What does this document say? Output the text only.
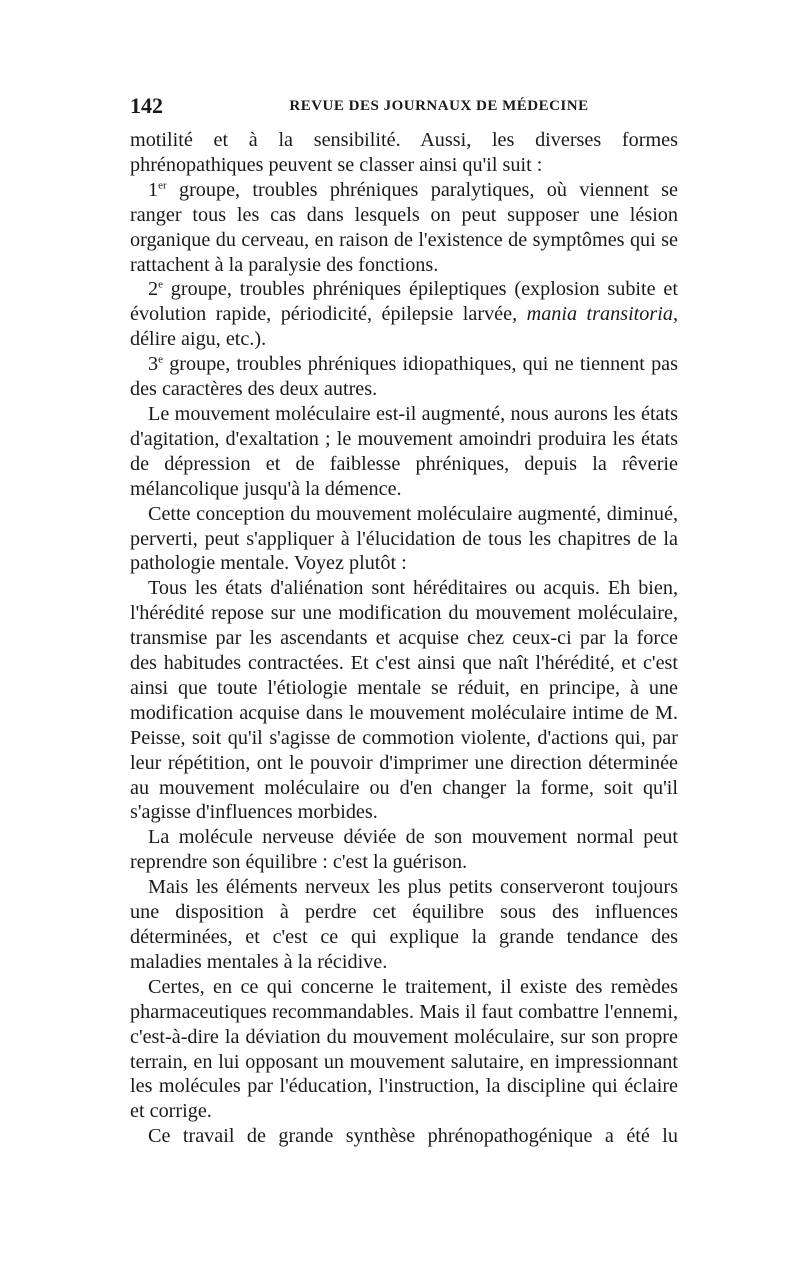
142	REVUE DES JOURNAUX DE MÉDECINE

motilité et à la sensibilité. Aussi, les diverses formes phrénopathiques peuvent se classer ainsi qu'il suit :

1er groupe, troubles phréniques paralytiques, où viennent se ranger tous les cas dans lesquels on peut supposer une lésion organique du cerveau, en raison de l'existence de symptômes qui se rattachent à la paralysie des fonctions.

2e groupe, troubles phréniques épileptiques (explosion subite et évolution rapide, périodicité, épilepsie larvée, mania transitoria, délire aigu, etc.).

3e groupe, troubles phréniques idiopathiques, qui ne tiennent pas des caractères des deux autres.

Le mouvement moléculaire est-il augmenté, nous aurons les états d'agitation, d'exaltation ; le mouvement amoindri produira les états de dépression et de faiblesse phréniques, depuis la rêverie mélancolique jusqu'à la démence.

Cette conception du mouvement moléculaire augmenté, diminué, perverti, peut s'appliquer à l'élucidation de tous les chapitres de la pathologie mentale. Voyez plutôt :

Tous les états d'aliénation sont héréditaires ou acquis. Eh bien, l'hérédité repose sur une modification du mouvement moléculaire, transmise par les ascendants et acquise chez ceux-ci par la force des habitudes contractées. Et c'est ainsi que naît l'hérédité, et c'est ainsi que toute l'étiologie mentale se réduit, en principe, à une modification acquise dans le mouvement moléculaire intime de M. Peisse, soit qu'il s'agisse de commotion violente, d'actions qui, par leur répétition, ont le pouvoir d'imprimer une direction déterminée au mouvement moléculaire ou d'en changer la forme, soit qu'il s'agisse d'influences morbides.

La molécule nerveuse déviée de son mouvement normal peut reprendre son équilibre : c'est la guérison.

Mais les éléments nerveux les plus petits conserveront toujours une disposition à perdre cet équilibre sous des influences déterminées, et c'est ce qui explique la grande tendance des maladies mentales à la récidive.

Certes, en ce qui concerne le traitement, il existe des remèdes pharmaceutiques recommandables. Mais il faut combattre l'ennemi, c'est-à-dire la déviation du mouvement moléculaire, sur son propre terrain, en lui opposant un mouvement salutaire, en impressionnant les molécules par l'éducation, l'instruction, la discipline qui éclaire et corrige.

Ce travail de grande synthèse phrénopathogénique a été lu
